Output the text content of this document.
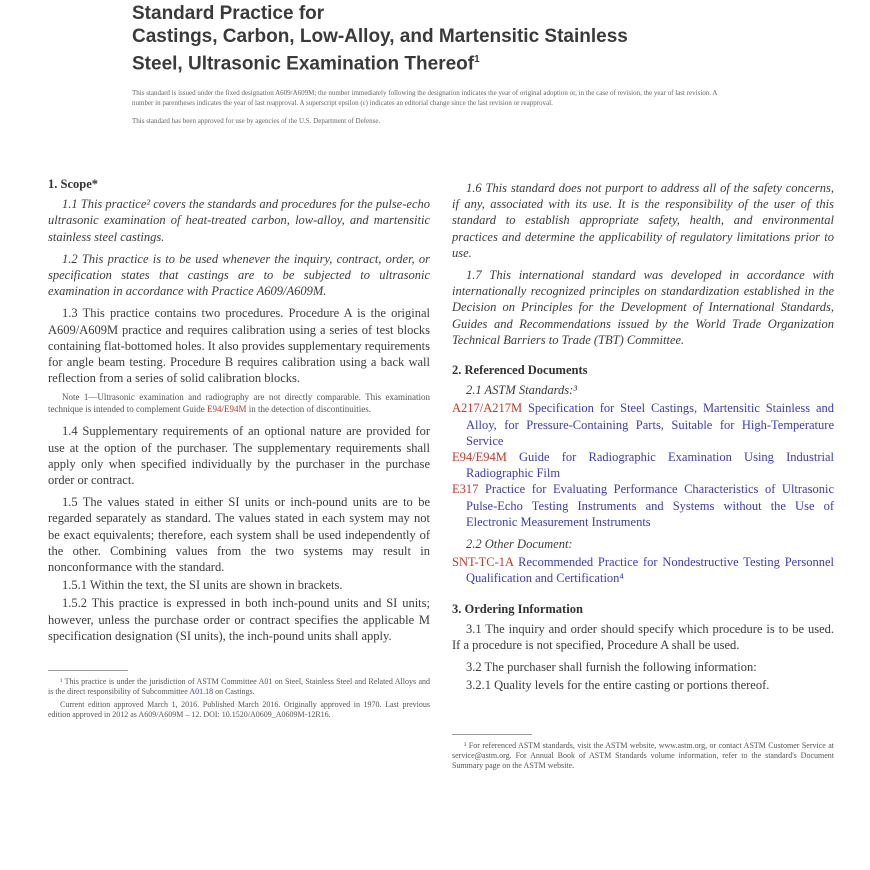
Standard Practice for
Castings, Carbon, Low-Alloy, and Martensitic Stainless
Steel, Ultrasonic Examination Thereof$^1$

This standard is issued under the fixed designation A609/A609M; the number immediately following the designation indicates the year of original adoption or, in the case of revision, the year of last revision. A number in parentheses indicates the year of last reapproval. A superscript epsilon (ε) indicates an editorial change since the last revision or reapproval.

This standard has been approved for use by agencies of the U.S. Department of Defense.

1. Scope*

1.1 This practice² covers the standards and procedures for the pulse-echo ultrasonic examination of heat-treated carbon, low-alloy, and martensitic stainless steel castings.

1.2 This practice is to be used whenever the inquiry, contract, order, or specification states that castings are to be subjected to ultrasonic examination in accordance with Practice A609/A609M.

1.3 This practice contains two procedures. Procedure A is the original A609/A609M practice and requires calibration using a series of test blocks containing flat-bottomed holes. It also provides supplementary requirements for angle beam testing. Procedure B requires calibration using a back wall reflection from a series of solid calibration blocks.

Note 1—Ultrasonic examination and radiography are not directly comparable. This examination technique is intended to complement Guide E94/E94M in the detection of discontinuities.

1.4 Supplementary requirements of an optional nature are provided for use at the option of the purchaser. The supplementary requirements shall apply only when specified individually by the purchaser in the purchase order or contract.

1.5 The values stated in either SI units or inch-pound units are to be regarded separately as standard. The values stated in each system may not be exact equivalents; therefore, each system shall be used independently of the other. Combining values from the two systems may result in nonconformance with the standard.

1.5.1 Within the text, the SI units are shown in brackets.

1.5.2 This practice is expressed in both inch-pound units and SI units; however, unless the purchase order or contract specifies the applicable M specification designation (SI units), the inch-pound units shall apply.

¹ This practice is under the jurisdiction of ASTM Committee A01 on Steel, Stainless Steel and Related Alloys and is the direct responsibility of Subcommittee A01.18 on Castings.

Current edition approved March 1, 2016. Published March 2016. Originally approved in 1970. Last previous edition approved in 2012 as A609/A609M – 12. DOI: 10.1520/A0609_A0609M-12R16.

1.6 This standard does not purport to address all of the safety concerns, if any, associated with its use. It is the responsibility of the user of this standard to establish appropriate safety, health, and environmental practices and determine the applicability of regulatory limitations prior to use.

1.7 This international standard was developed in accordance with internationally recognized principles on standardization established in the Decision on Principles for the Development of International Standards, Guides and Recommendations issued by the World Trade Organization Technical Barriers to Trade (TBT) Committee.

2. Referenced Documents

2.1 ASTM Standards:³

A217/A217M Specification for Steel Castings, Martensitic Stainless and Alloy, for Pressure-Containing Parts, Suitable for High-Temperature Service

E94/E94M Guide for Radiographic Examination Using Industrial Radiographic Film

E317 Practice for Evaluating Performance Characteristics of Ultrasonic Pulse-Echo Testing Instruments and Systems without the Use of Electronic Measurement Instruments

2.2 Other Document:

SNT-TC-1A Recommended Practice for Nondestructive Testing Personnel Qualification and Certification⁴

3. Ordering Information

3.1 The inquiry and order should specify which procedure is to be used. If a procedure is not specified, Procedure A shall be used.

3.2 The purchaser shall furnish the following information:

3.2.1 Quality levels for the entire casting or portions thereof.

³ For referenced ASTM standards, visit the ASTM website, www.astm.org, or contact ASTM Customer Service at service@astm.org. For Annual Book of ASTM Standards volume information, refer to the standard's Document Summary page on the ASTM website.
